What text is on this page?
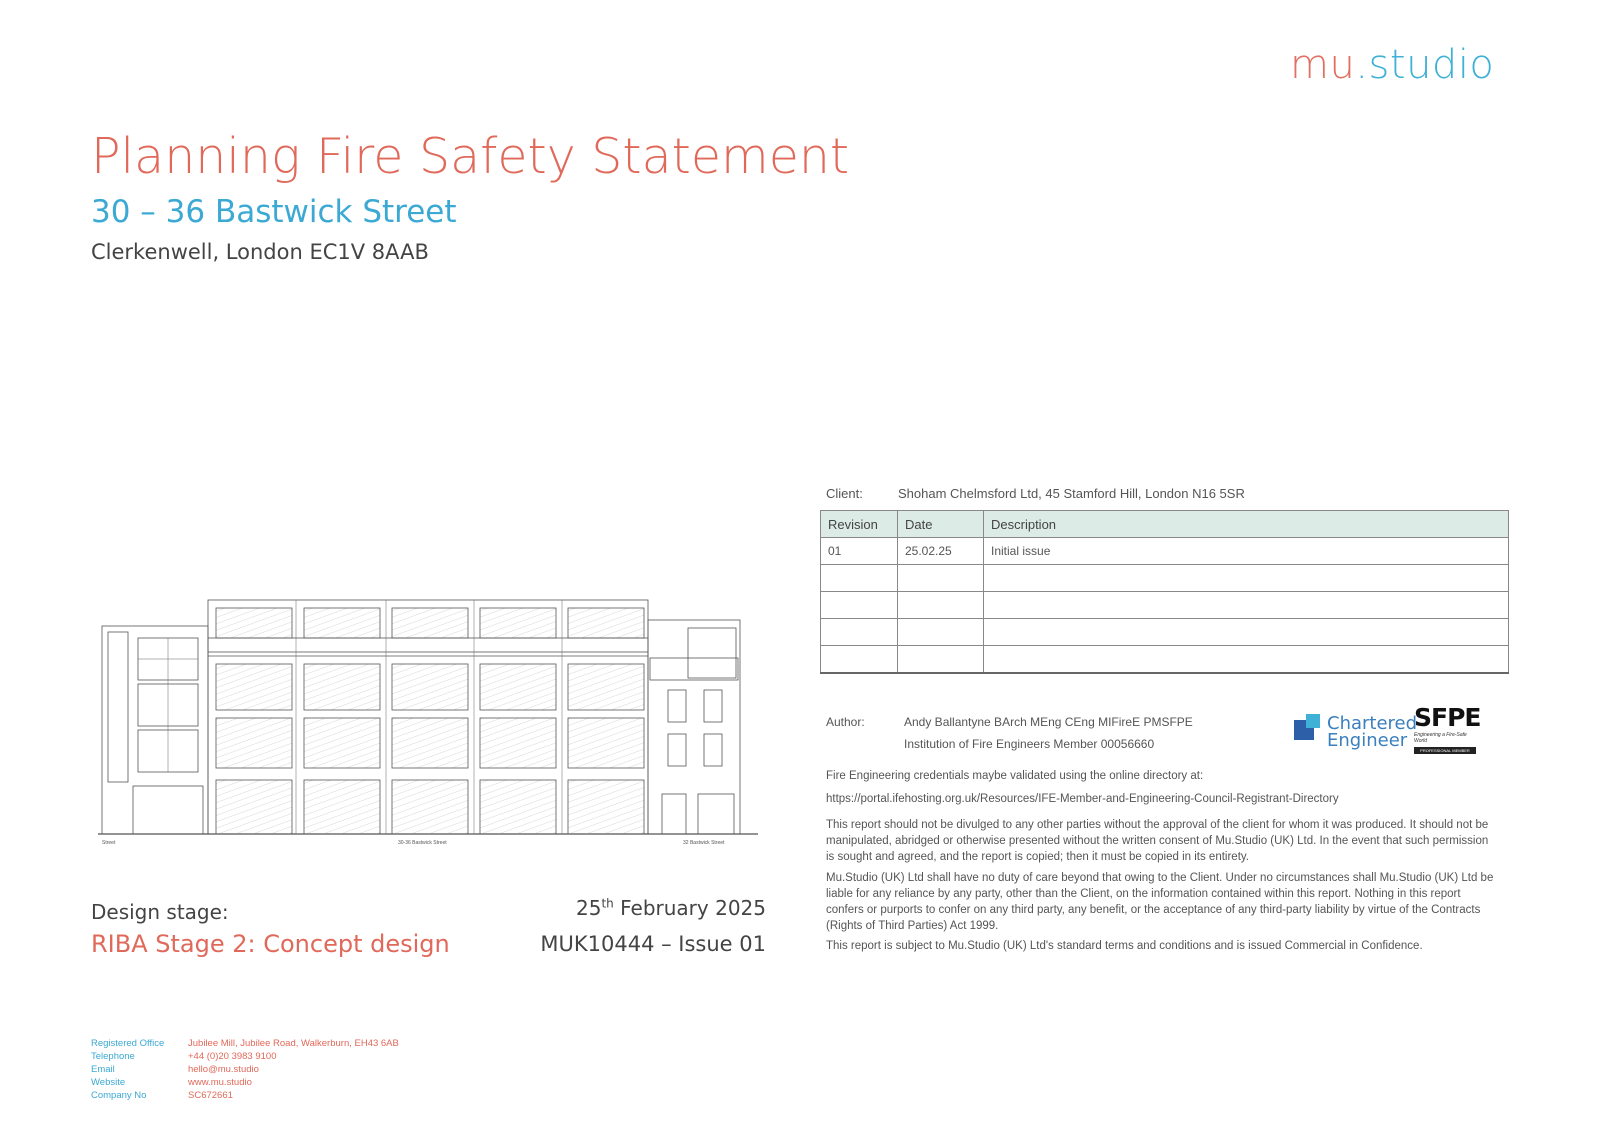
mu.studio
Planning Fire Safety Statement
30 – 36 Bastwick Street
Clerkenwell, London EC1V 8AAB
Street	30-36 Bastwick Street	32 Bastwick Street
Client:	Shoham Chelmsford Ltd, 45 Stamford Hill, London N16 5SR
Revision	Date	Description
01	25.02.25	Initial issue

Author:	Andy Ballantyne BArch MEng CEng MIFireE PMSFPE
Institution of Fire Engineers Member 00056660
Chartered
Engineer
SFPE
Engineering a Fire-Safe World
PROFESSIONAL MEMBER
Fire Engineering credentials maybe validated using the online directory at:
https://portal.ifehosting.org.uk/Resources/IFE-Member-and-Engineering-Council-Registrant-Directory
This report should not be divulged to any other parties without the approval of the client for whom it was produced. It should not be manipulated, abridged or otherwise presented without the written consent of Mu.Studio (UK) Ltd. In the event that such permission is sought and agreed, and the report is copied; then it must be copied in its entirety.
Mu.Studio (UK) Ltd shall have no duty of care beyond that owing to the Client. Under no circumstances shall Mu.Studio (UK) Ltd be liable for any reliance by any party, other than the Client, on the information contained within this report. Nothing in this report confers or purports to confer on any third party, any benefit, or the acceptance of any third-party liability by virtue of the Contracts (Rights of Third Parties) Act 1999.
This report is subject to Mu.Studio (UK) Ltd's standard terms and conditions and is issued Commercial in Confidence.
Design stage:
RIBA Stage 2: Concept design
25th February 2025
MUK10444 – Issue 01
Registered Office	Jubilee Mill, Jubilee Road, Walkerburn, EH43 6AB
Telephone	+44 (0)20 3983 9100
Email	hello@mu.studio
Website	www.mu.studio
Company No	SC672661
